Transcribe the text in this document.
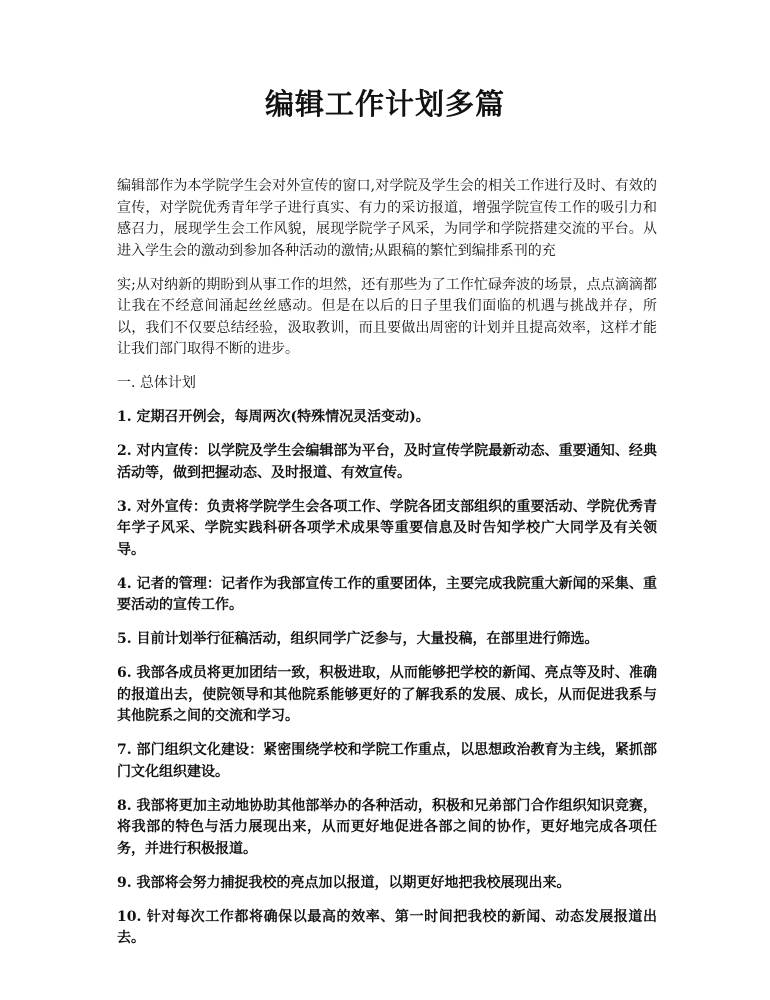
编辑工作计划多篇

编辑部作为本学院学生会对外宣传的窗口,对学院及学生会的相关工作进行及时、有效的宣传，对学院优秀青年学子进行真实、有力的采访报道，增强学院宣传工作的吸引力和感召力，展现学生会工作风貌，展现学院学子风采，为同学和学院搭建交流的平台。从进入学生会的激动到参加各种活动的激情;从跟稿的繁忙到编排系刊的充

实;从对纳新的期盼到从事工作的坦然，还有那些为了工作忙碌奔波的场景，点点滴滴都让我在不经意间涌起丝丝感动。但是在以后的日子里我们面临的机遇与挑战并存，所以，我们不仅要总结经验，汲取教训，而且要做出周密的计划并且提高效率，这样才能让我们部门取得不断的进步。

一. 总体计划

1. 定期召开例会，每周两次(特殊情况灵活变动)。

2. 对内宣传：以学院及学生会编辑部为平台，及时宣传学院最新动态、重要通知、经典活动等，做到把握动态、及时报道、有效宣传。

3. 对外宣传：负责将学院学生会各项工作、学院各团支部组织的重要活动、学院优秀青年学子风采、学院实践科研各项学术成果等重要信息及时告知学校广大同学及有关领导。

4. 记者的管理：记者作为我部宣传工作的重要团体，主要完成我院重大新闻的采集、重要活动的宣传工作。

5. 目前计划举行征稿活动，组织同学广泛参与，大量投稿，在部里进行筛选。

6. 我部各成员将更加团结一致，积极进取，从而能够把学校的新闻、亮点等及时、准确的报道出去，使院领导和其他院系能够更好的了解我系的发展、成长，从而促进我系与其他院系之间的交流和学习。

7. 部门组织文化建设：紧密围绕学校和学院工作重点，以思想政治教育为主线，紧抓部门文化组织建设。

8. 我部将更加主动地协助其他部举办的各种活动，积极和兄弟部门合作组织知识竞赛，将我部的特色与活力展现出来，从而更好地促进各部之间的协作，更好地完成各项任务，并进行积极报道。

9. 我部将会努力捕捉我校的亮点加以报道，以期更好地把我校展现出来。

10. 针对每次工作都将确保以最高的效率、第一时间把我校的新闻、动态发展报道出去。
